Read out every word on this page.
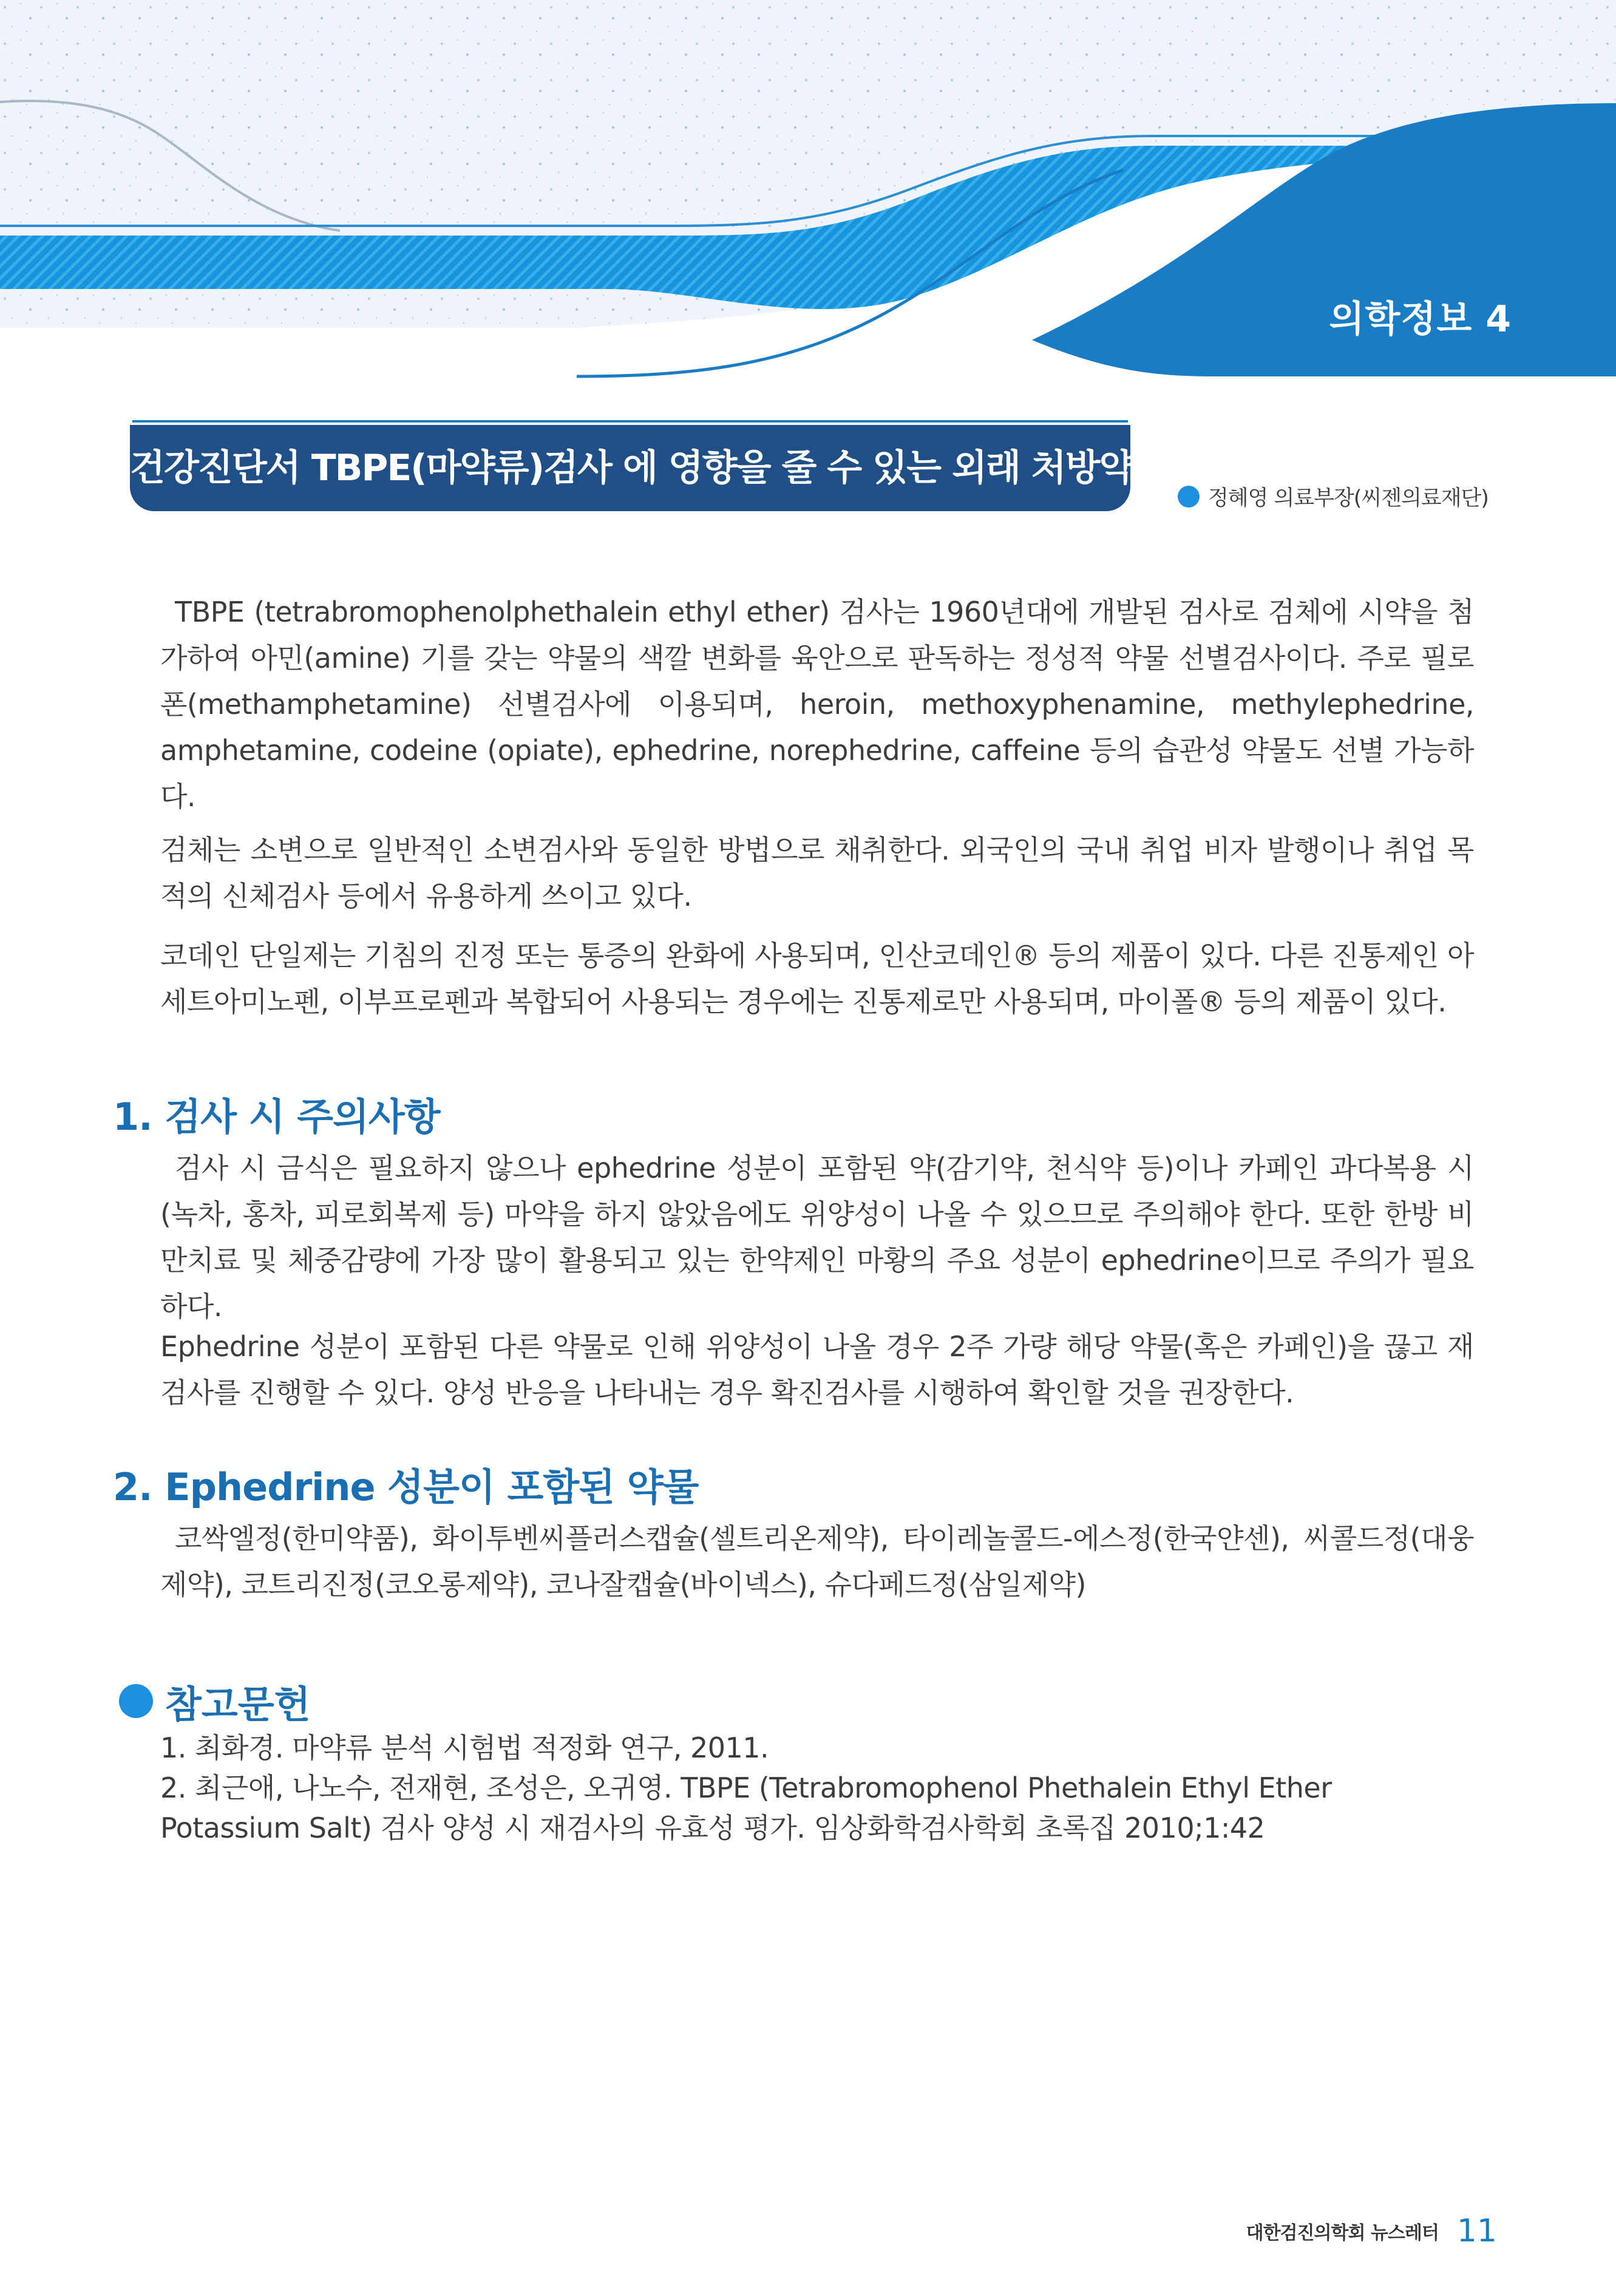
의학정보 4
건강진단서 TBPE(마약류)검사 에 영향을 줄 수 있는 외래 처방약물
정혜영 의료부장(씨젠의료재단)

TBPE (tetrabromophenolphethalein ethyl ether) 검사는 1960년대에 개발된 검사로 검체에 시약을 첨가하여 아민(amine) 기를 갖는 약물의 색깔 변화를 육안으로 판독하는 정성적 약물 선별검사이다. 주로 필로폰(methamphetamine) 선별검사에 이용되며, heroin, methoxyphenamine, methylephedrine, amphetamine, codeine (opiate), ephedrine, norephedrine, caffeine 등의 습관성 약물도 선별 가능하다.

검체는 소변으로 일반적인 소변검사와 동일한 방법으로 채취한다. 외국인의 국내 취업 비자 발행이나 취업 목적의 신체검사 등에서 유용하게 쓰이고 있다.

코데인 단일제는 기침의 진정 또는 통증의 완화에 사용되며, 인산코데인® 등의 제품이 있다. 다른 진통제인 아세트아미노펜, 이부프로펜과 복합되어 사용되는 경우에는 진통제로만 사용되며, 마이폴® 등의 제품이 있다.

1. 검사 시 주의사항

검사 시 금식은 필요하지 않으나 ephedrine 성분이 포함된 약(감기약, 천식약 등)이나 카페인 과다복용 시(녹차, 홍차, 피로회복제 등) 마약을 하지 않았음에도 위양성이 나올 수 있으므로 주의해야 한다. 또한 한방 비만치료 및 체중감량에 가장 많이 활용되고 있는 한약제인 마황의 주요 성분이 ephedrine이므로 주의가 필요하다.

Ephedrine 성분이 포함된 다른 약물로 인해 위양성이 나올 경우 2주 가량 해당 약물(혹은 카페인)을 끊고 재검사를 진행할 수 있다. 양성 반응을 나타내는 경우 확진검사를 시행하여 확인할 것을 권장한다.

2. Ephedrine 성분이 포함된 약물

코싹엘정(한미약품), 화이투벤씨플러스캡슐(셀트리온제약), 타이레놀콜드-에스정(한국얀센), 씨콜드정(대웅제약), 코트리진정(코오롱제약), 코나잘캡슐(바이넥스), 슈다페드정(삼일제약)

참고문헌
1. 최화경. 마약류 분석 시험법 적정화 연구, 2011.
2. 최근애, 나노수, 전재현, 조성은, 오귀영. TBPE (Tetrabromophenol Phethalein Ethyl Ether Potassium Salt) 검사 양성 시 재검사의 유효성 평가. 임상화학검사학회 초록집 2010;1:42
대한검진의학회 뉴스레터 11
